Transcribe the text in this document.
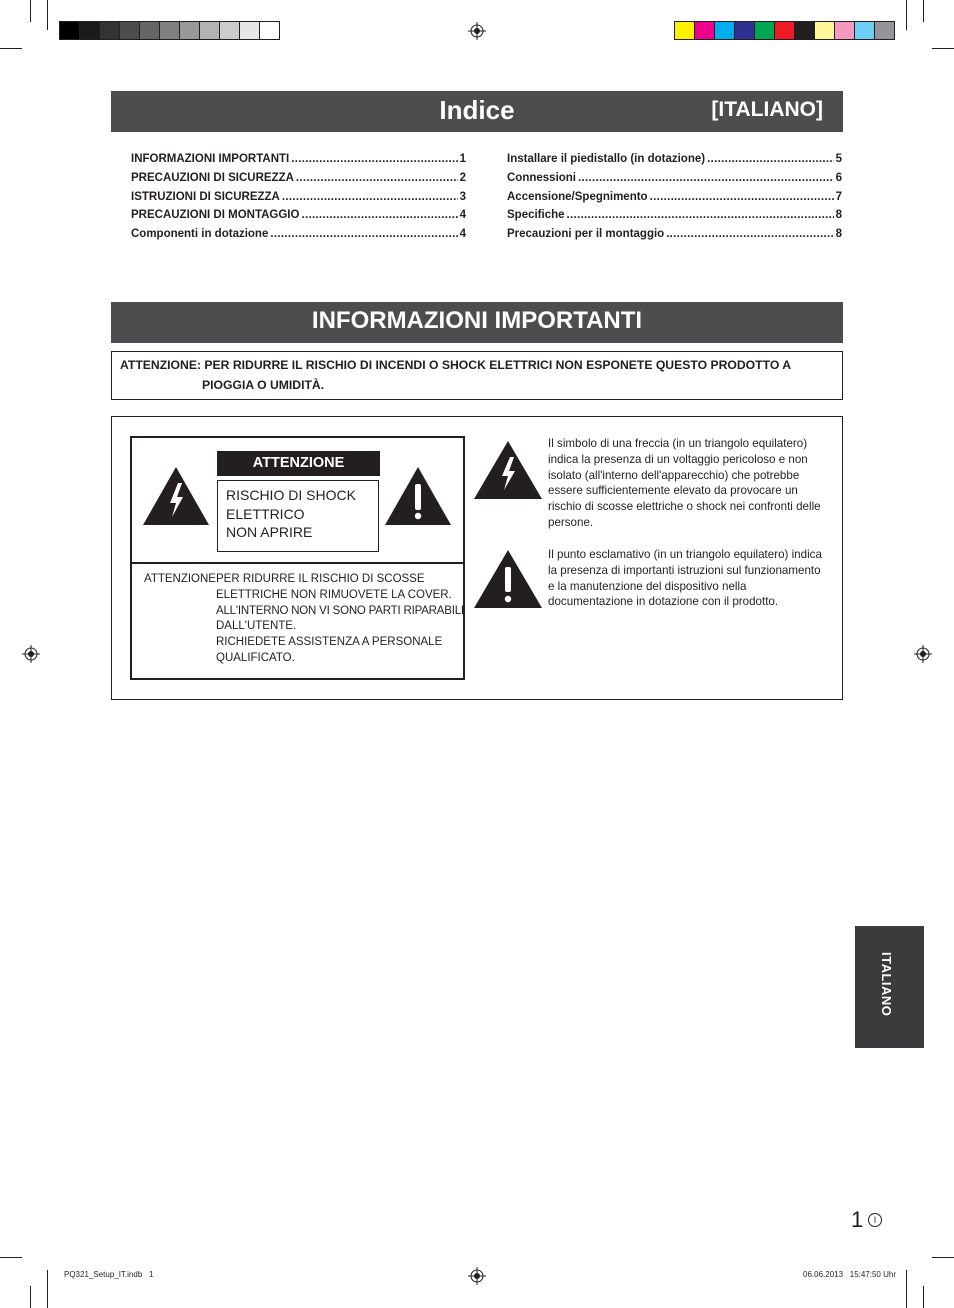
Indice	[ITALIANO]
INFORMAZIONI IMPORTANTI .....	1
PRECAUZIONI DI SICUREZZA .....	2
ISTRUZIONI DI SICUREZZA .....	3
PRECAUZIONI DI MONTAGGIO .....	4
Componenti in dotazione .....	4
Installare il piedistallo (in dotazione) .....	5
Connessioni .....	6
Accensione/Spegnimento .....	7
Specifiche .....	8
Precauzioni per il montaggio .....	8
INFORMAZIONI IMPORTANTI
ATTENZIONE: PER RIDURRE IL RISCHIO DI INCENDI O SHOCK ELETTRICI NON ESPONETE QUESTO PRODOTTO A
PIOGGIA O UMIDITÀ.
ATTENZIONE
RISCHIO DI SHOCK
ELETTRICO
NON APRIRE
ATTENZIONE:
PER RIDURRE IL RISCHIO DI SCOSSE
ELETTRICHE NON RIMUOVETE LA COVER.
ALL'INTERNO NON VI SONO PARTI RIPARABILI
DALL'UTENTE.
RICHIEDETE ASSISTENZA A PERSONALE
QUALIFICATO.
Il simbolo di una freccia (in un triangolo equilatero) indica la presenza di un voltaggio pericoloso e non isolato (all'interno dell'apparecchio) che potrebbe essere sufficientemente elevato da provocare un rischio di scosse elettriche o shock nei confronti delle persone.
Il punto esclamativo (in un triangolo equilatero) indica la presenza di importanti istruzioni sul funzionamento e la manutenzione del dispositivo nella documentazione in dotazione con il prodotto.
ITALIANO
1	I
PQ321_Setup_IT.indb   1	06.06.2013   15:47:50 Uhr
